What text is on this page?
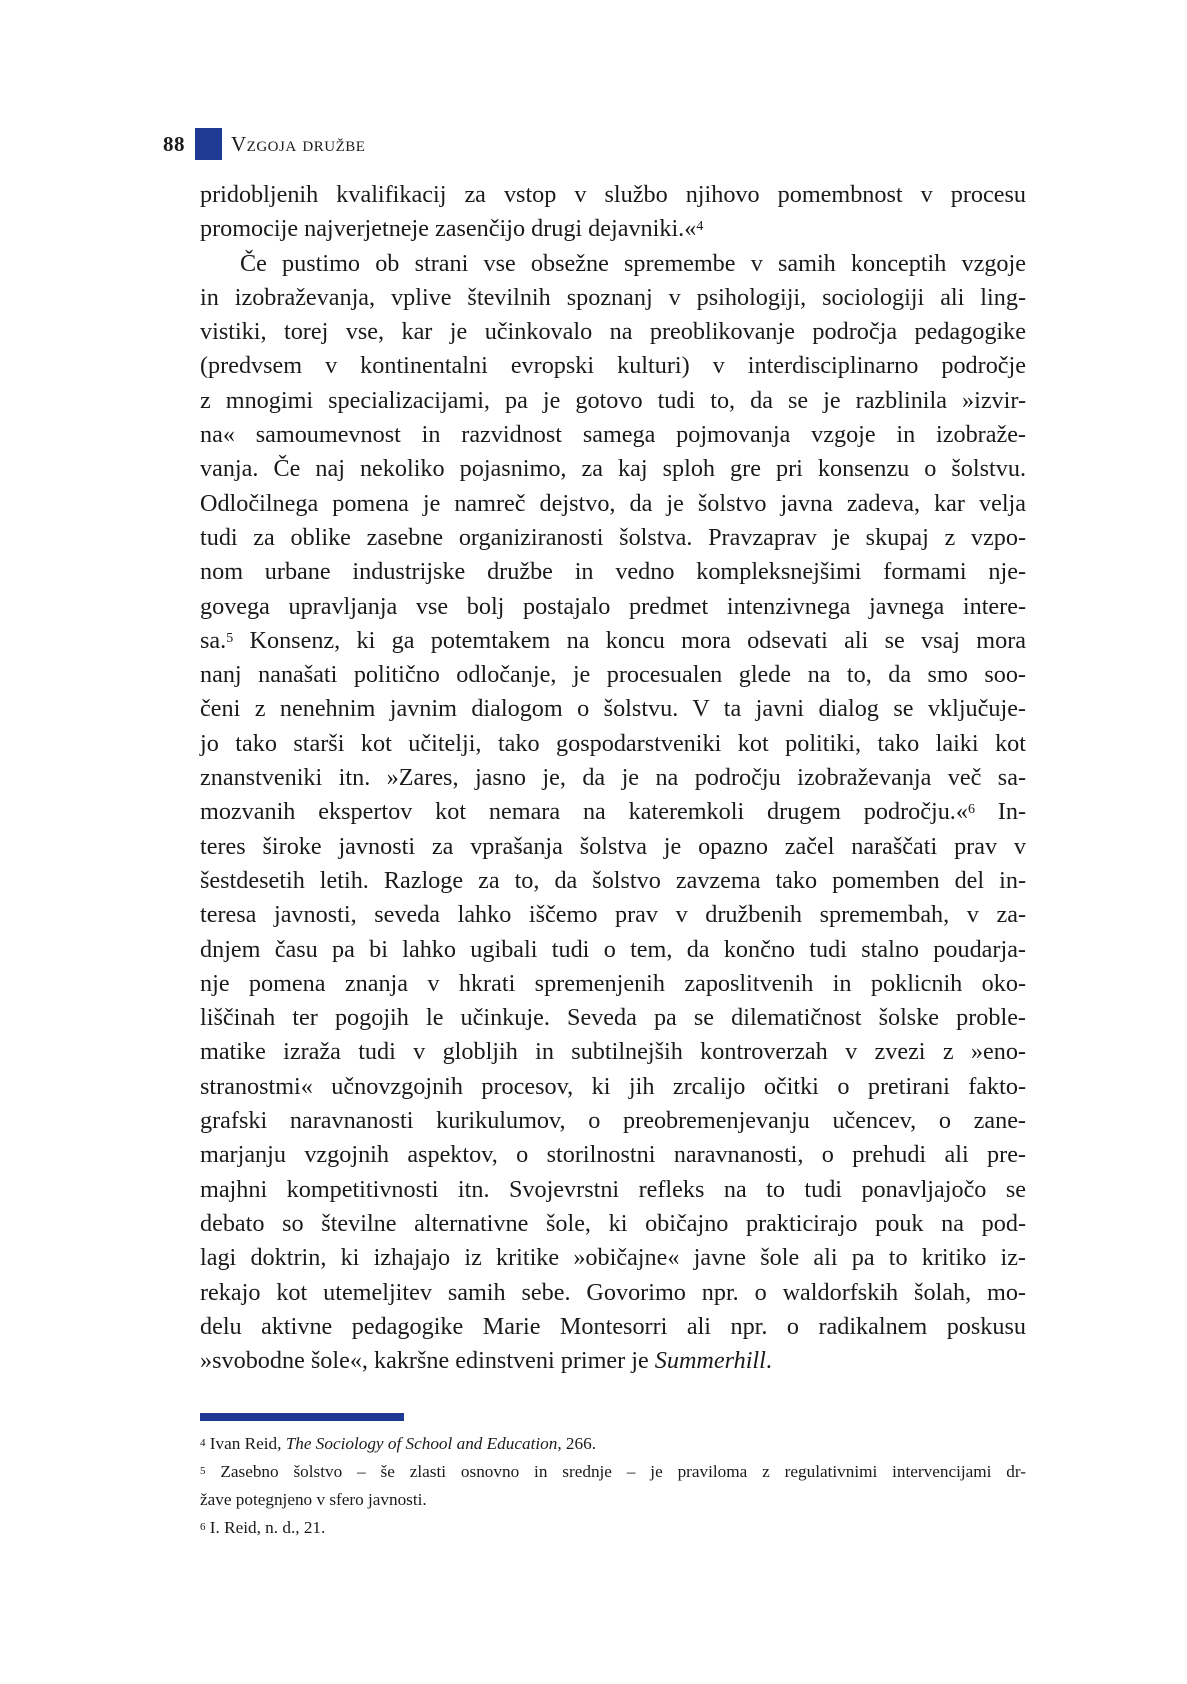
88 Vzgoja družbe
pridobljenih kvalifikacij za vstop v službo njihovo pomembnost v procesu
promocije najverjetneje zasenčijo drugi dejavniki.«$^4$
Če pustimo ob strani vse obsežne spremembe v samih konceptih vzgoje
in izobraževanja, vplive številnih spoznanj v psihologiji, sociologiji ali ling-
vistiki, torej vse, kar je učinkovalo na preoblikovanje področja pedagogike
(predvsem v kontinentalni evropski kulturi) v interdisciplinarno področje
z mnogimi specializacijami, pa je gotovo tudi to, da se je razblinila »izvir-
na« samoumevnost in razvidnost samega pojmovanja vzgoje in izobraže-
vanja. Če naj nekoliko pojasnimo, za kaj sploh gre pri konsenzu o šolstvu.
Odločilnega pomena je namreč dejstvo, da je šolstvo javna zadeva, kar velja
tudi za oblike zasebne organiziranosti šolstva. Pravzaprav je skupaj z vzpo-
nom urbane industrijske družbe in vedno kompleksnejšimi formami nje-
govega upravljanja vse bolj postajalo predmet intenzivnega javnega intere-
sa.$^5$ Konsenz, ki ga potemtakem na koncu mora odsevati ali se vsaj mora
nanj nanašati politično odločanje, je procesualen glede na to, da smo soo-
čeni z nenehnim javnim dialogom o šolstvu. V ta javni dialog se vključuje-
jo tako starši kot učitelji, tako gospodarstveniki kot politiki, tako laiki kot
znanstveniki itn. »Zares, jasno je, da je na področju izobraževanja več sa-
mozvanih ekspertov kot nemara na kateremkoli drugem področju.«$^6$ In-
teres široke javnosti za vprašanja šolstva je opazno začel naraščati prav v
šestdesetih letih. Razloge za to, da šolstvo zavzema tako pomemben del in-
teresa javnosti, seveda lahko iščemo prav v družbenih spremembah, v za-
dnjem času pa bi lahko ugibali tudi o tem, da končno tudi stalno poudarja-
nje pomena znanja v hkrati spremenjenih zaposlitvenih in poklicnih oko-
liščinah ter pogojih le učinkuje. Seveda pa se dilematičnost šolske proble-
matike izraža tudi v globljih in subtilnejših kontroverzah v zvezi z »eno-
stranostmi« učnovzgojnih procesov, ki jih zrcalijo očitki o pretirani fakto-
grafski naravnanosti kurikulumov, o preobremenjevanju učencev, o zane-
marjanju vzgojnih aspektov, o storilnostni naravnanosti, o prehudi ali pre-
majhni kompetitivnosti itn. Svojevrstni refleks na to tudi ponavljajočo se
debato so številne alternativne šole, ki običajno prakticirajo pouk na pod-
lagi doktrin, ki izhajajo iz kritike »običajne« javne šole ali pa to kritiko iz-
rekajo kot utemeljitev samih sebe. Govorimo npr. o waldorfskih šolah, mo-
delu aktivne pedagogike Marie Montesorri ali npr. o radikalnem poskusu
»svobodne šole«, kakršne edinstveni primer je Summerhill.
$^4$ Ivan Reid, The Sociology of School and Education, 266.
$^5$ Zasebno šolstvo – še zlasti osnovno in srednje – je praviloma z regulativnimi intervencijami dr-
žave potegnjeno v sfero javnosti.
$^6$ I. Reid, n. d., 21.
